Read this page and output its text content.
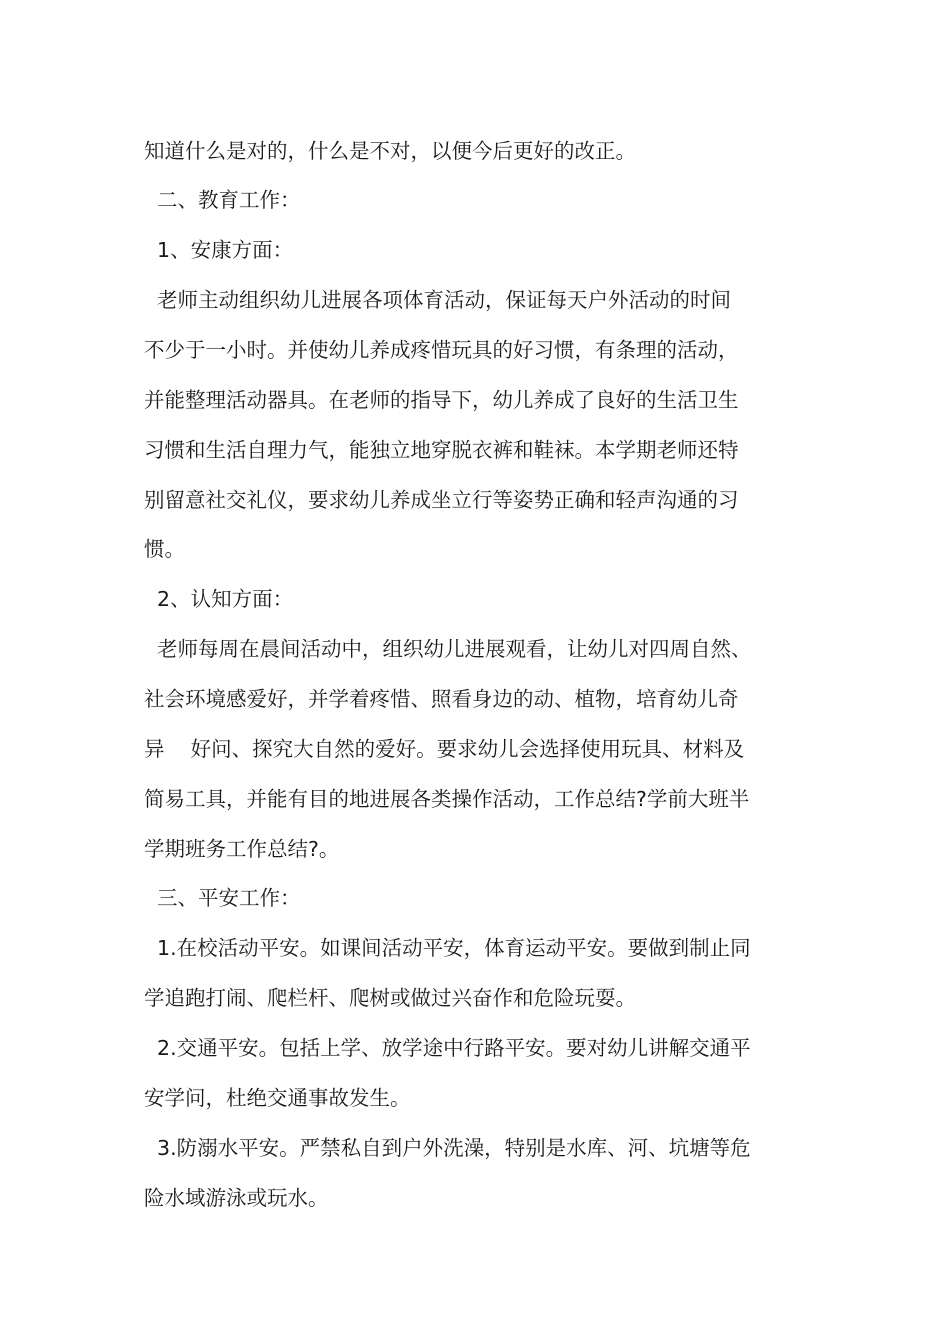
知道什么是对的，什么是不对，以便今后更好的改正。

二、教育工作：

1、安康方面：

老师主动组织幼儿进展各项体育活动，保证每天户外活动的时间

不少于一小时。并使幼儿养成疼惜玩具的好习惯，有条理的活动，

并能整理活动器具。在老师的指导下，幼儿养成了良好的生活卫生

习惯和生活自理力气，能独立地穿脱衣裤和鞋袜。本学期老师还特

别留意社交礼仪，要求幼儿养成坐立行等姿势正确和轻声沟通的习

惯。

2、认知方面：

老师每周在晨间活动中，组织幼儿进展观看，让幼儿对四周自然、

社会环境感爱好，并学着疼惜、照看身边的动、植物，培育幼儿奇

异    好问、探究大自然的爱好。要求幼儿会选择使用玩具、材料及

简易工具，并能有目的地进展各类操作活动，工作总结?学前大班半

学期班务工作总结?。

三、平安工作：

1.在校活动平安。如课间活动平安，体育运动平安。要做到制止同

学追跑打闹、爬栏杆、爬树或做过兴奋作和危险玩耍。

2.交通平安。包括上学、放学途中行路平安。要对幼儿讲解交通平

安学问，杜绝交通事故发生。

3.防溺水平安。严禁私自到户外洗澡，特别是水库、河、坑塘等危

险水域游泳或玩水。
